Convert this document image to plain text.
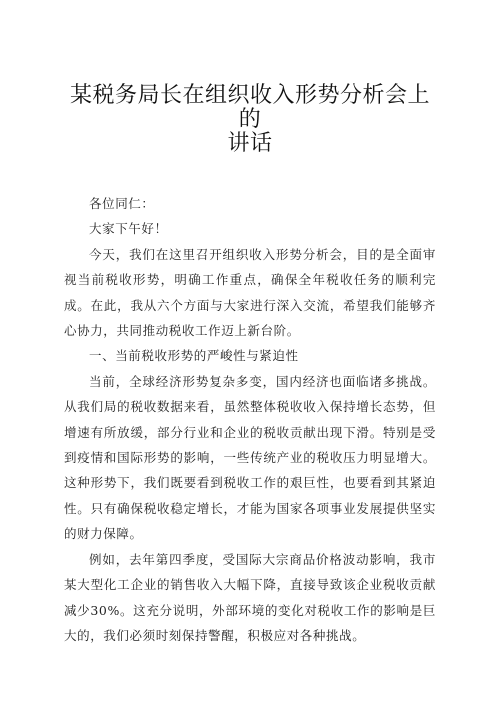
某税务局长在组织收入形势分析会上的
讲话

各位同仁：

大家下午好！

今天，我们在这里召开组织收入形势分析会，目的是全面审视当前税收形势，明确工作重点，确保全年税收任务的顺利完成。在此，我从六个方面与大家进行深入交流，希望我们能够齐心协力，共同推动税收工作迈上新台阶。

一、当前税收形势的严峻性与紧迫性

当前，全球经济形势复杂多变，国内经济也面临诸多挑战。从我们局的税收数据来看，虽然整体税收收入保持增长态势，但增速有所放缓，部分行业和企业的税收贡献出现下滑。特别是受到疫情和国际形势的影响，一些传统产业的税收压力明显增大。这种形势下，我们既要看到税收工作的艰巨性，也要看到其紧迫性。只有确保税收稳定增长，才能为国家各项事业发展提供坚实的财力保障。

例如，去年第四季度，受国际大宗商品价格波动影响，我市某大型化工企业的销售收入大幅下降，直接导致该企业税收贡献减少30%。这充分说明，外部环境的变化对税收工作的影响是巨大的，我们必须时刻保持警醒，积极应对各种挑战。
